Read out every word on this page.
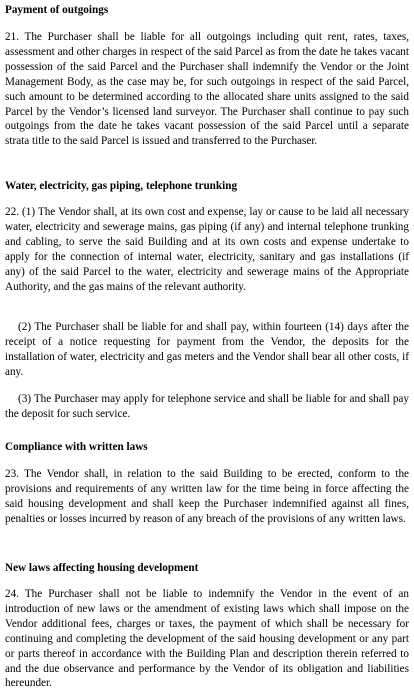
Payment of outgoings

21. The Purchaser shall be liable for all outgoings including quit rent, rates, taxes, assessment and other charges in respect of the said Parcel as from the date he takes vacant possession of the said Parcel and the Purchaser shall indemnify the Vendor or the Joint Management Body, as the case may be, for such outgoings in respect of the said Parcel, such amount to be determined according to the allocated share units assigned to the said Parcel by the Vendor’s licensed land surveyor. The Purchaser shall continue to pay such outgoings from the date he takes vacant possession of the said Parcel until a separate strata title to the said Parcel is issued and transferred to the Purchaser.

Water, electricity, gas piping, telephone trunking

22. (1) The Vendor shall, at its own cost and expense, lay or cause to be laid all necessary water, electricity and sewerage mains, gas piping (if any) and internal telephone trunking and cabling, to serve the said Building and at its own costs and expense undertake to apply for the connection of internal water, electricity, sanitary and gas installations (if any) of the said Parcel to the water, electricity and sewerage mains of the Appropriate Authority, and the gas mains of the relevant authority.

(2) The Purchaser shall be liable for and shall pay, within fourteen (14) days after the receipt of a notice requesting for payment from the Vendor, the deposits for the installation of water, electricity and gas meters and the Vendor shall bear all other costs, if any.

(3) The Purchaser may apply for telephone service and shall be liable for and shall pay the deposit for such service.

Compliance with written laws

23. The Vendor shall, in relation to the said Building to be erected, conform to the provisions and requirements of any written law for the time being in force affecting the said housing development and shall keep the Purchaser indemnified against all fines, penalties or losses incurred by reason of any breach of the provisions of any written laws.

New laws affecting housing development

24. The Purchaser shall not be liable to indemnify the Vendor in the event of an introduction of new laws or the amendment of existing laws which shall impose on the Vendor additional fees, charges or taxes, the payment of which shall be necessary for continuing and completing the development of the said housing development or any part or parts thereof in accordance with the Building Plan and description therein referred to and the due observance and performance by the Vendor of its obligation and liabilities hereunder.
